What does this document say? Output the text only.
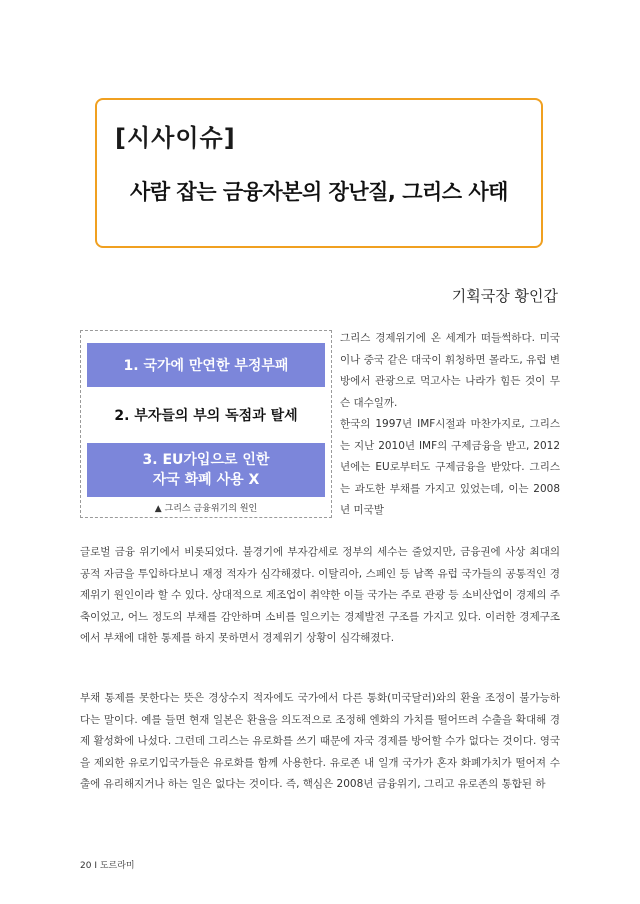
[시사이슈]
사람 잡는 금융자본의 장난질, 그리스 사태
기획국장 황인갑
1. 국가에 만연한 부정부패
2. 부자들의 부의 독점과 탈세
3. EU가입으로 인한
자국 화폐 사용 X
▲ 그리스 금융위기의 원인

그리스 경제위기에 온 세계가 떠들썩하다. 미국이나 중국 같은 대국이 휘청하면 몰라도, 유럽 변방에서 관광으로 먹고사는 나라가 힘든 것이 무슨 대수일까.

한국의 1997년 IMF시절과 마찬가지로, 그리스는 지난 2010년 IMF의 구제금융을 받고, 2012년에는 EU로부터도 구제금융을 받았다. 그리스는 과도한 부채를 가지고 있었는데, 이는 2008년 미국발

글로벌 금융 위기에서 비롯되었다. 불경기에 부자감세로 정부의 세수는 줄었지만, 금융권에 사상 최대의 공적 자금을 투입하다보니 재정 적자가 심각해졌다. 이탈리아, 스페인 등 남쪽 유럽 국가들의 공통적인 경제위기 원인이라 할 수 있다. 상대적으로 제조업이 취약한 이들 국가는 주로 관광 등 소비산업이 경제의 주축이었고, 어느 정도의 부채를 감안하며 소비를 일으키는 경제발전 구조를 가지고 있다. 이러한 경제구조에서 부채에 대한 통제를 하지 못하면서 경제위기 상황이 심각해졌다.

부채 통제를 못한다는 뜻은 경상수지 적자에도 국가에서 다른 통화(미국달러)와의 환율 조정이 불가능하다는 말이다. 예를 들면 현재 일본은 환율을 의도적으로 조정해 엔화의 가치를 떨어뜨려 수출을 확대해 경제 활성화에 나섰다. 그런데 그리스는 유로화를 쓰기 때문에 자국 경제를 방어할 수가 없다는 것이다. 영국을 제외한 유로기입국가들은 유로화를 함께 사용한다. 유로존 내 일개 국가가 혼자 화폐가치가 떨어져 수출에 유리해지거나 하는 일은 없다는 것이다. 즉, 핵심은 2008년 금융위기, 그리고 유로존의 통합된 하

20 I 도르라미
